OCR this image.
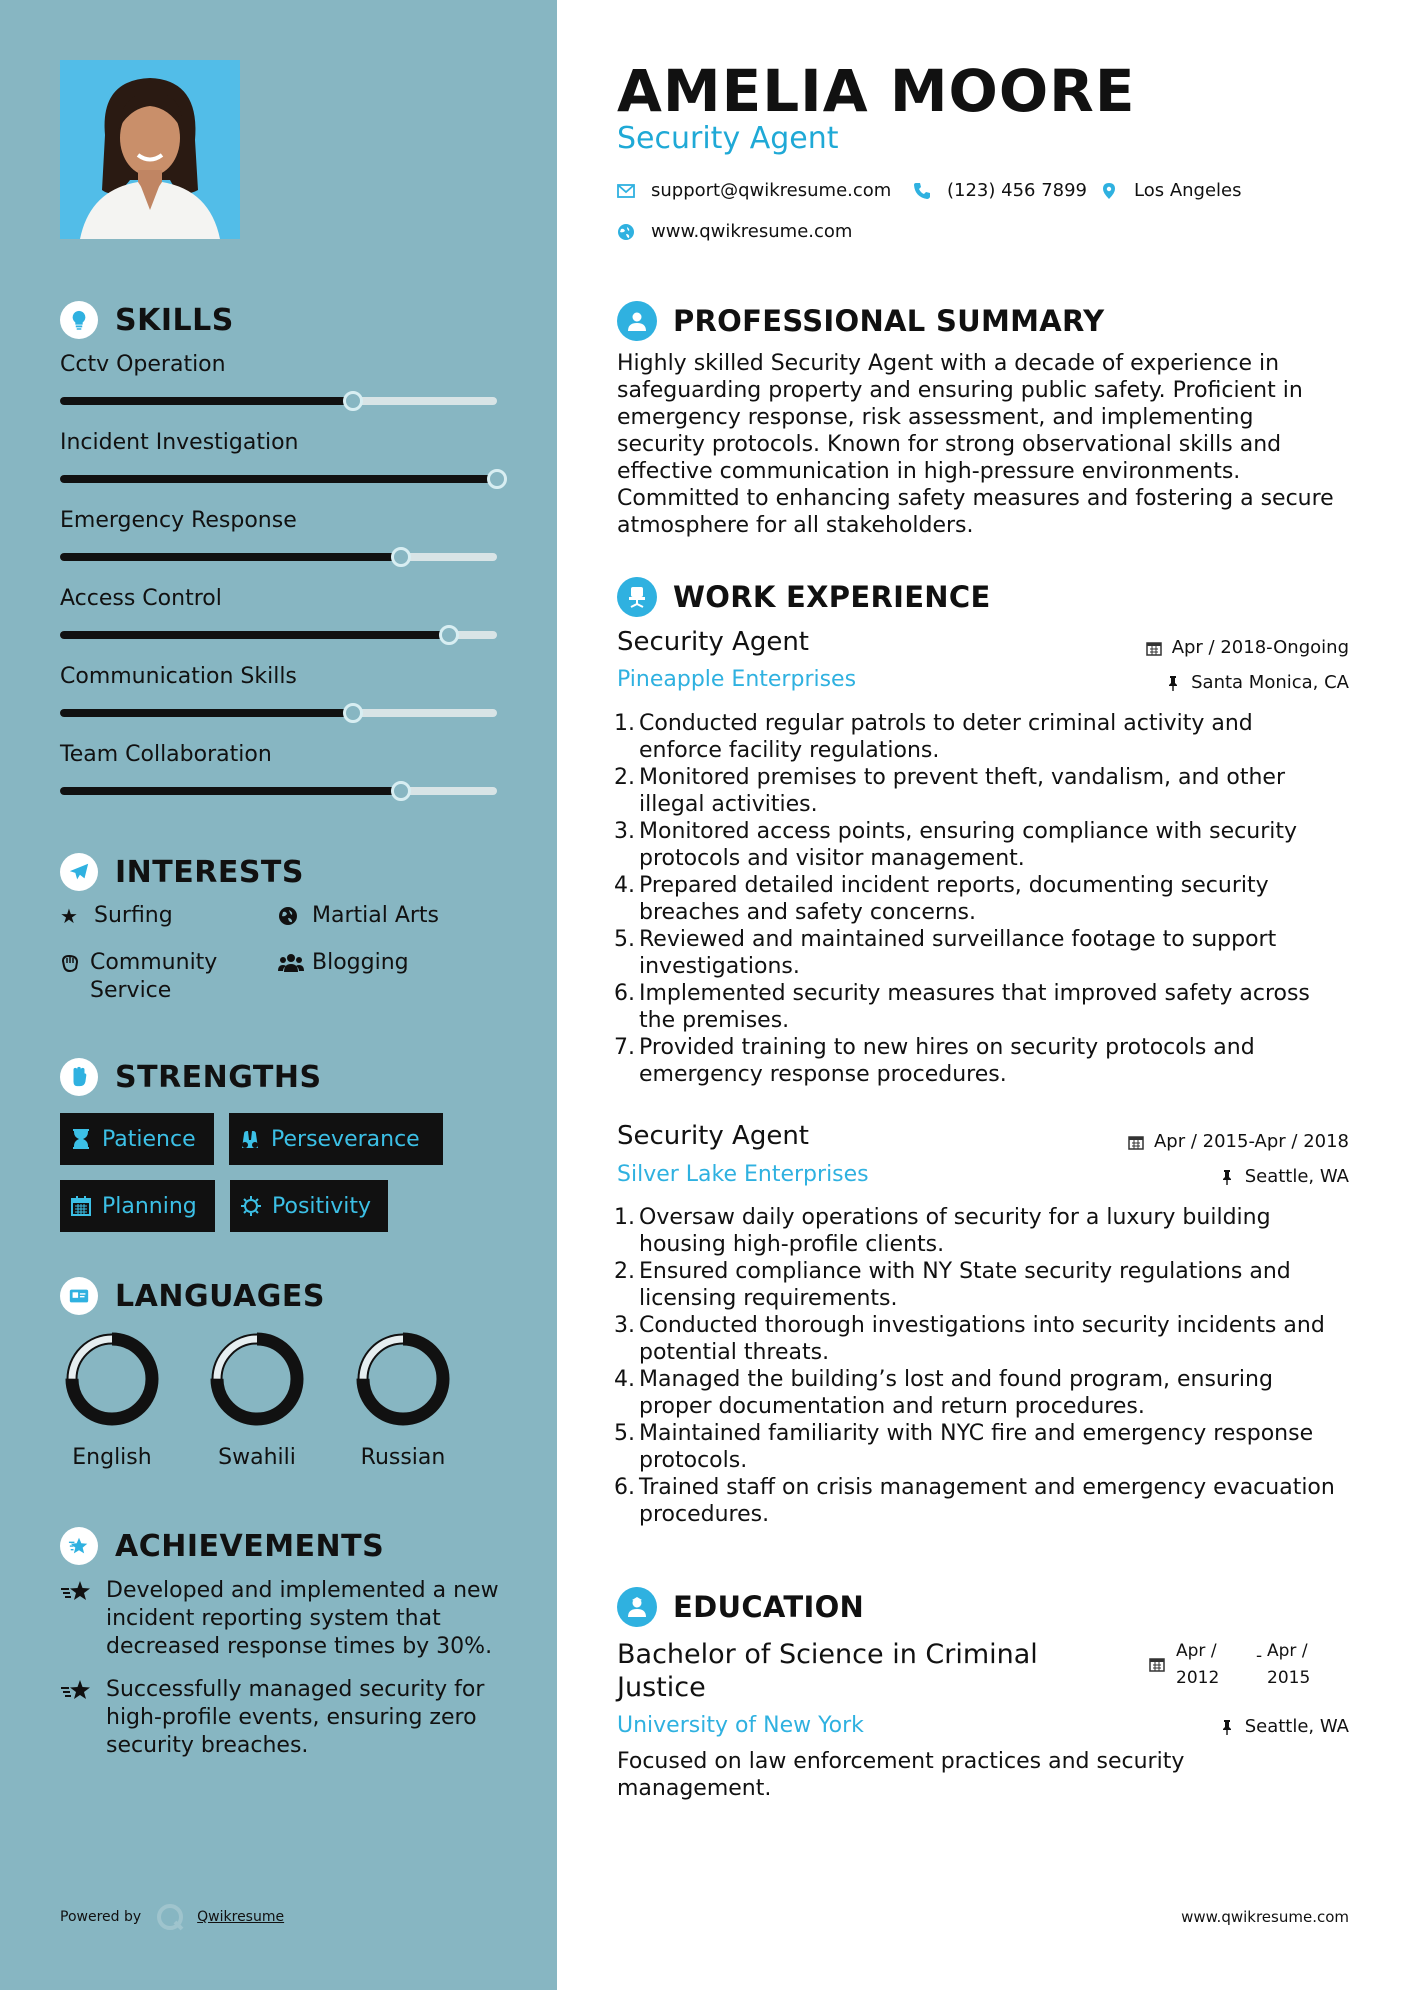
SKILLS
Cctv Operation
Incident Investigation
Emergency Response
Access Control
Communication Skills
Team Collaboration
INTERESTS
★ Surfing	Martial Arts
Community Service
Blogging
STRENGTHS
Patience	Perseverance
Planning	Positivity
LANGUAGES
English	Swahili	Russian
ACHIEVEMENTS
Developed and implemented a new incident reporting system that decreased response times by 30%.
Successfully managed security for high-profile events, ensuring zero security breaches.
Powered by	Qwikresume
AMELIA MOORE
Security Agent
support@qwikresume.com	(123) 456 7899	Los Angeles
www.qwikresume.com
PROFESSIONAL SUMMARY
Highly skilled Security Agent with a decade of experience in safeguarding property and ensuring public safety. Proficient in emergency response, risk assessment, and implementing security protocols. Known for strong observational skills and effective communication in high-pressure environments. Committed to enhancing safety measures and fostering a secure atmosphere for all stakeholders.
WORK EXPERIENCE
Security Agent	Apr / 2018-Ongoing
Pineapple Enterprises	Santa Monica, CA
1. Conducted regular patrols to deter criminal activity and enforce facility regulations.
2. Monitored premises to prevent theft, vandalism, and other illegal activities.
3. Monitored access points, ensuring compliance with security protocols and visitor management.
4. Prepared detailed incident reports, documenting security breaches and safety concerns.
5. Reviewed and maintained surveillance footage to support investigations.
6. Implemented security measures that improved safety across the premises.
7. Provided training to new hires on security protocols and emergency response procedures.
Security Agent	Apr / 2015-Apr / 2018
Silver Lake Enterprises	Seattle, WA
1. Oversaw daily operations of security for a luxury building housing high-profile clients.
2. Ensured compliance with NY State security regulations and licensing requirements.
3. Conducted thorough investigations into security incidents and potential threats.
4. Managed the building’s lost and found program, ensuring proper documentation and return procedures.
5. Maintained familiarity with NYC fire and emergency response protocols.
6. Trained staff on crisis management and emergency evacuation procedures.
EDUCATION
Bachelor of Science in Criminal Justice
Apr / 2012
- Apr / 2015
University of New York	Seattle, WA
Focused on law enforcement practices and security management.
www.qwikresume.com
